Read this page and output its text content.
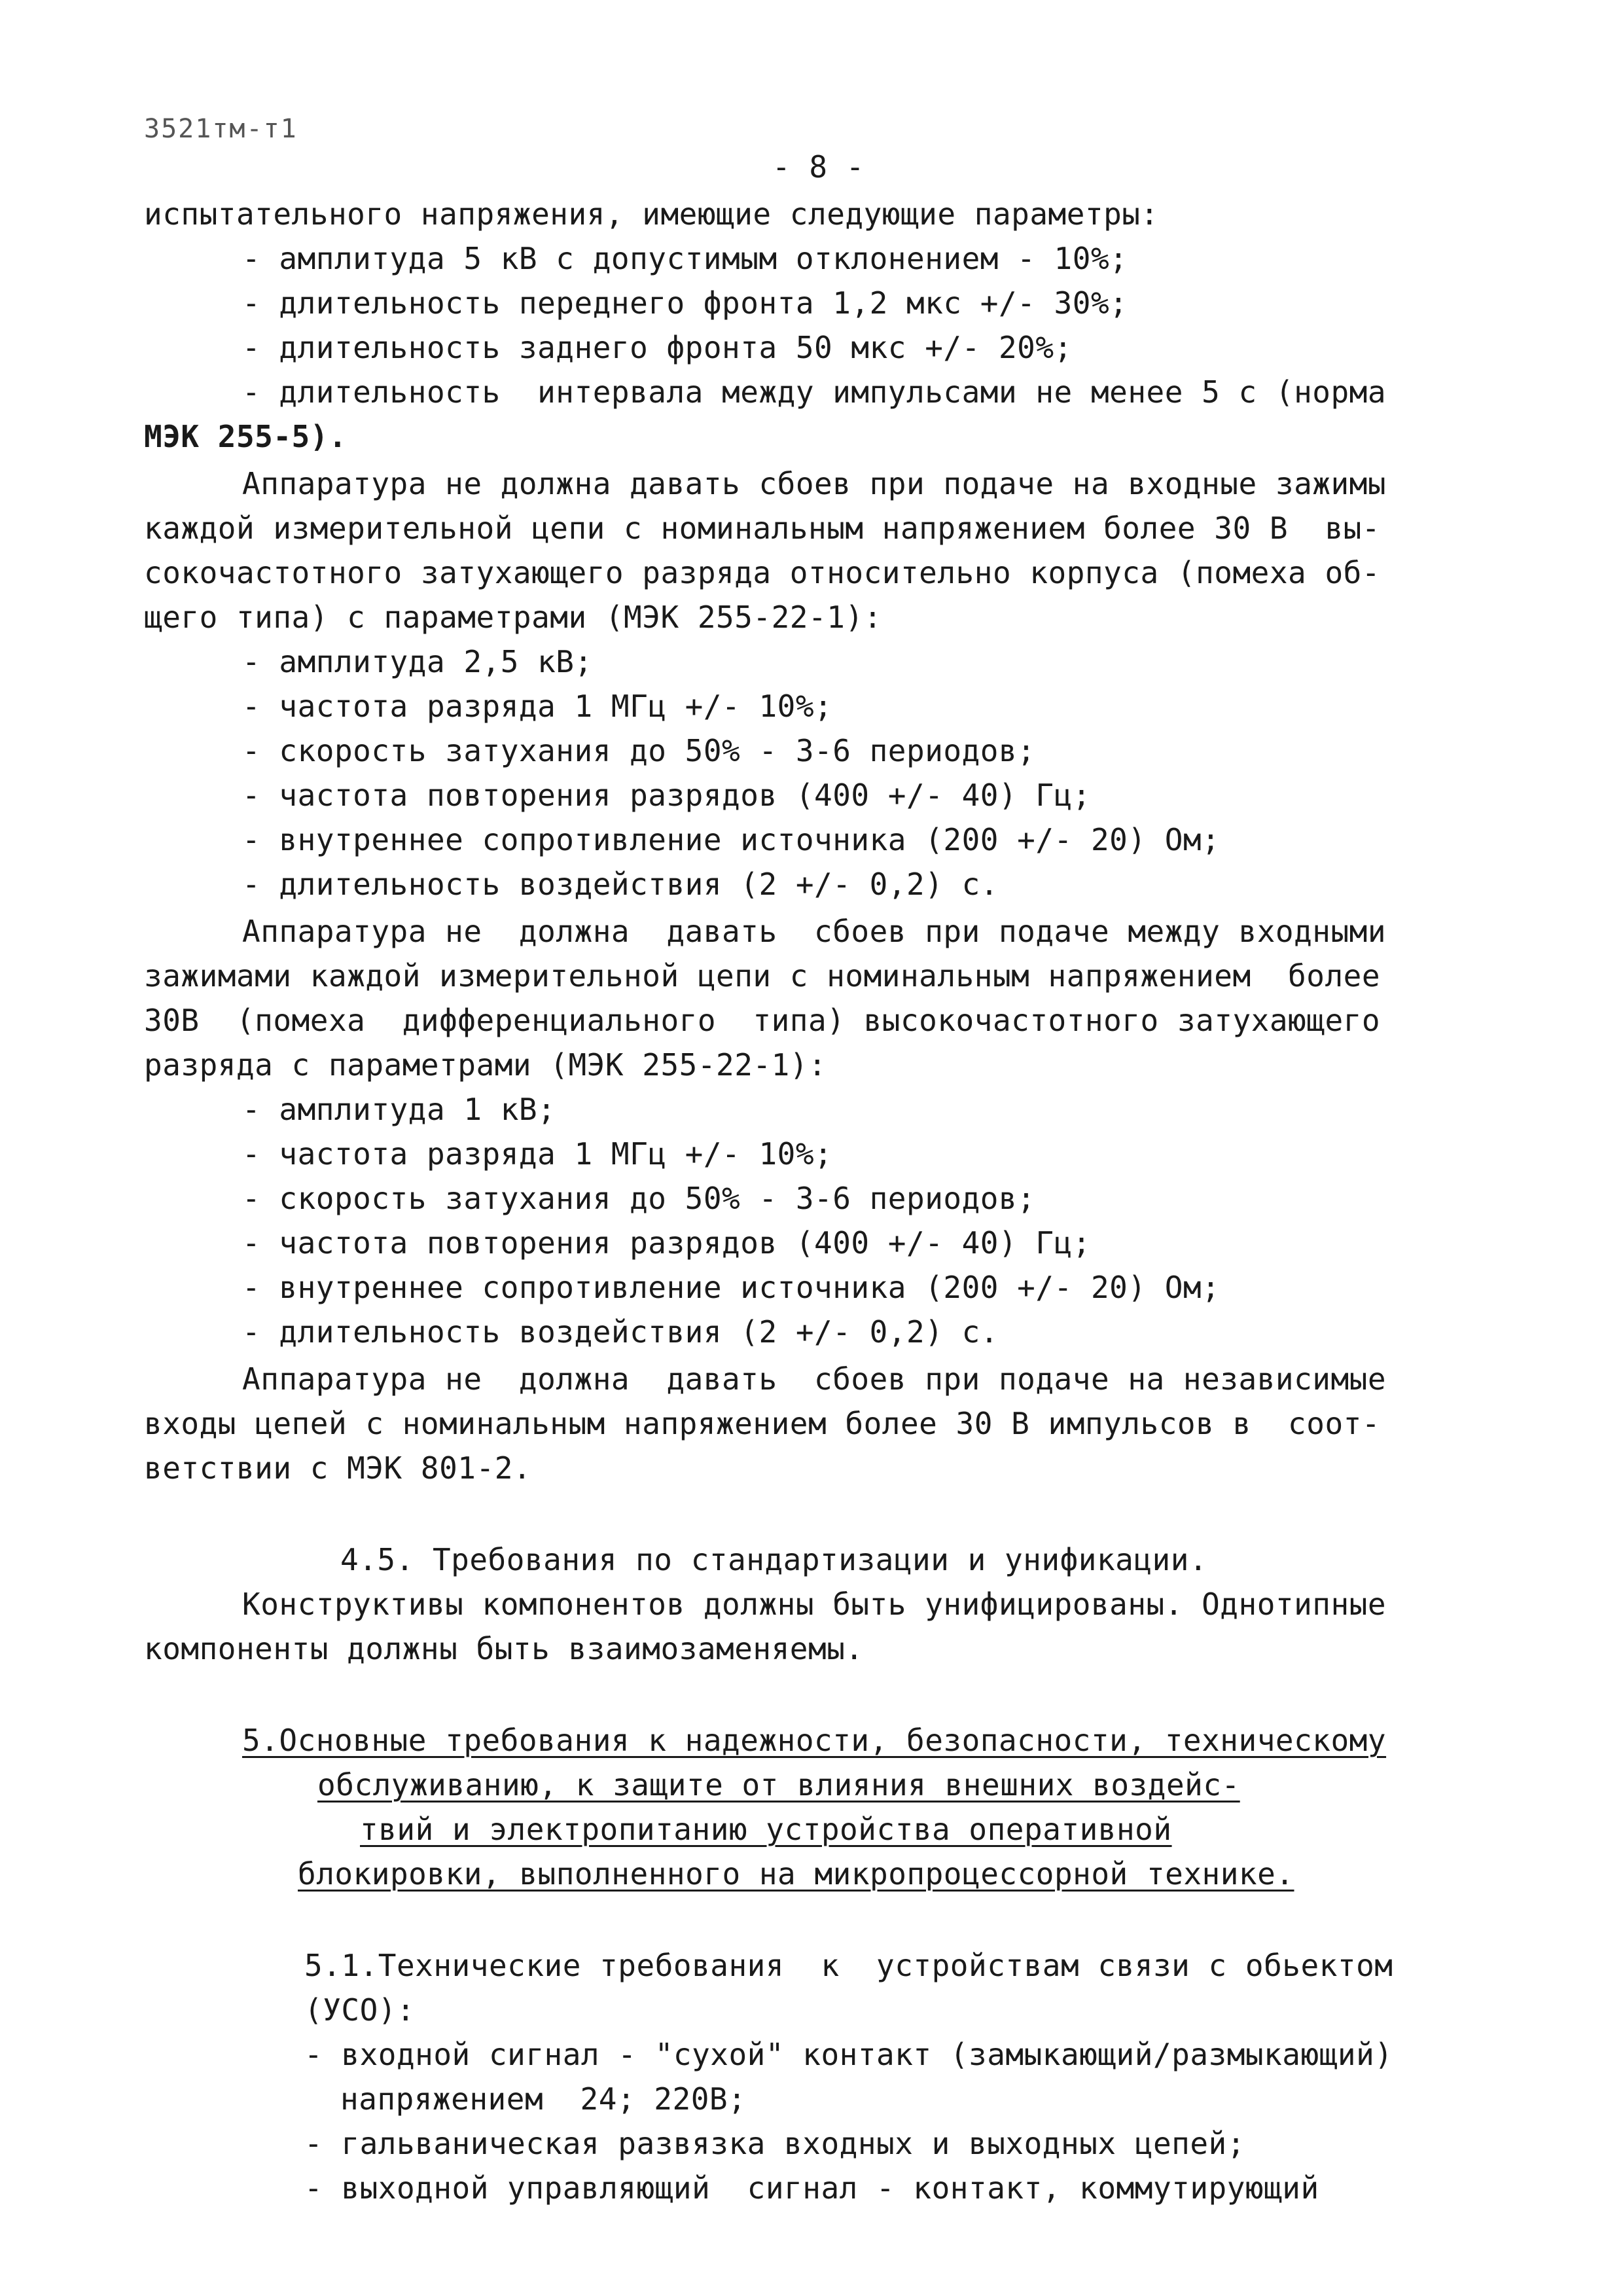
3521тм-т1
- 8 -
испытательного напряжения, имеющие следующие параметры:
- амплитуда 5 кВ с допустимым отклонением - 10%;
- длительность переднего фронта 1,2 мкс +/- 30%;
- длительность заднего фронта 50 мкс +/- 20%;
- длительность  интервала между импульсами не менее 5 с (норма
МЭК 255-5).
Аппаратура не должна давать сбоев при подаче на входные зажимы
каждой измерительной цепи с номинальным напряжением более 30 В  вы-
сокочастотного затухающего разряда относительно корпуса (помеха об-
щего типа) с параметрами (МЭК 255-22-1):
- амплитуда 2,5 кВ;
- частота разряда 1 МГц +/- 10%;
- скорость затухания до 50% - 3-6 периодов;
- частота повторения разрядов (400 +/- 40) Гц;
- внутреннее сопротивление источника (200 +/- 20) Ом;
- длительность воздействия (2 +/- 0,2) с.
Аппаратура не  должна  давать  сбоев при подаче между входными
зажимами каждой измерительной цепи с номинальным напряжением  более
30В  (помеха  дифференциального  типа) высокочастотного затухающего
разряда с параметрами (МЭК 255-22-1):
- амплитуда 1 кВ;
- частота разряда 1 МГц +/- 10%;
- скорость затухания до 50% - 3-6 периодов;
- частота повторения разрядов (400 +/- 40) Гц;
- внутреннее сопротивление источника (200 +/- 20) Ом;
- длительность воздействия (2 +/- 0,2) с.
Аппаратура не  должна  давать  сбоев при подаче на независимые
входы цепей с номинальным напряжением более 30 В импульсов в  соот-
ветствии с МЭК 801-2.
4.5. Требования по стандартизации и унификации.
Конструктивы компонентов должны быть унифицированы. Однотипные
компоненты должны быть взаимозаменяемы.
5.Основные требования к надежности, безопасности, техническому
обслуживанию, к защите от влияния внешних воздейс-
твий и электропитанию устройства оперативной
блокировки, выполненного на микропроцессорной технике.
5.1.Технические требования  к  устройствам связи с обьектом
(УСО):
- входной сигнал - "сухой" контакт (замыкающий/размыкающий)
напряжением  24; 220В;
- гальваническая развязка входных и выходных цепей;
- выходной управляющий  сигнал - контакт, коммутирующий
